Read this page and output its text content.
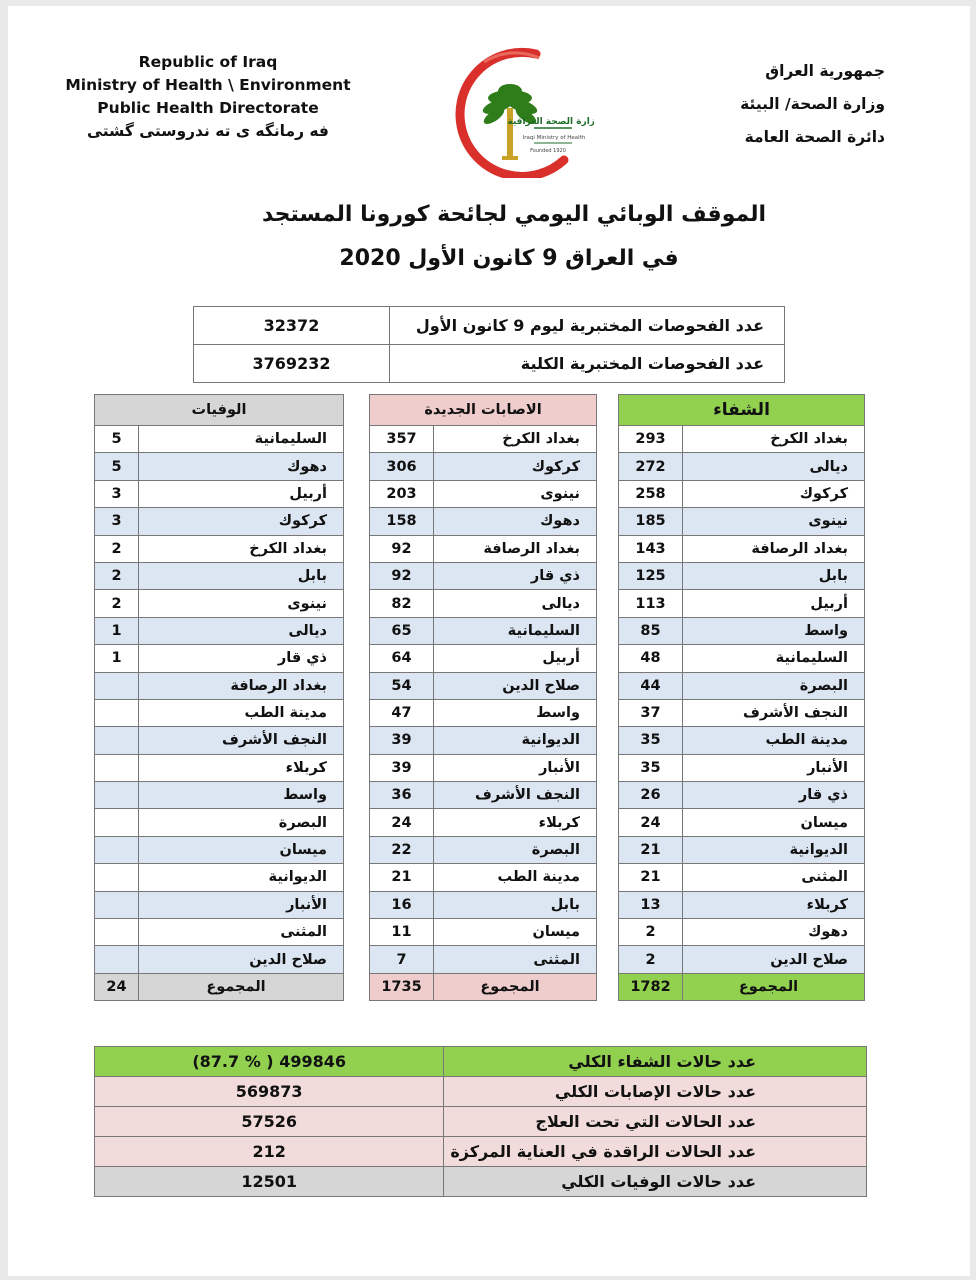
Republic of Iraq
Ministry of Health \ Environment
Public Health Directorate
فه رمانگه ى ته ندروستى گشتى	وزارة الصحة العراقية
Iraqi Ministry of Health
Founded 1920
جمهورية العراق
وزارة الصحة/ البيئة
دائرة الصحة العامة
الموقف الوبائي اليومي لجائحة كورونا المستجد
في العراق 9 كانون الأول 2020
32372	عدد الفحوصات المختبرية ليوم 9 كانون الأول
3769232	عدد الفحوصات المختبرية الكلية
الوفيات	
5	السليمانية
5	دهوك
3	أربيل
3	كركوك
2	بغداد الكرخ
2	بابل
2	نينوى
1	ديالى
1	ذي قار
	بغداد الرصافة
	مدينة الطب
	النجف الأشرف
	كربلاء
	واسط
	البصرة
	ميسان
	الديوانية
	الأنبار
	المثنى
	صلاح الدين
24	المجموع
الاصابات الجديدة	
357	بغداد الكرخ
306	كركوك
203	نينوى
158	دهوك
92	بغداد الرصافة
92	ذي قار
82	ديالى
65	السليمانية
64	أربيل
54	صلاح الدين
47	واسط
39	الديوانية
39	الأنبار
36	النجف الأشرف
24	كربلاء
22	البصرة
21	مدينة الطب
16	بابل
11	ميسان
7	المثنى
1735	المجموع
الشفاء	
293	بغداد الكرخ
272	ديالى
258	كركوك
185	نينوى
143	بغداد الرصافة
125	بابل
113	أربيل
85	واسط
48	السليمانية
44	البصرة
37	النجف الأشرف
35	مدينة الطب
35	الأنبار
26	ذي قار
24	ميسان
21	الديوانية
21	المثنى
13	كربلاء
2	دهوك
2	صلاح الدين
1782	المجموع
(87.7 % ) 499846	عدد حالات الشفاء الكلي
569873	عدد حالات الإصابات الكلي
57526	عدد الحالات التي تحت العلاج
212	عدد الحالات الراقدة في العناية المركزة
12501	عدد حالات الوفيات الكلي
